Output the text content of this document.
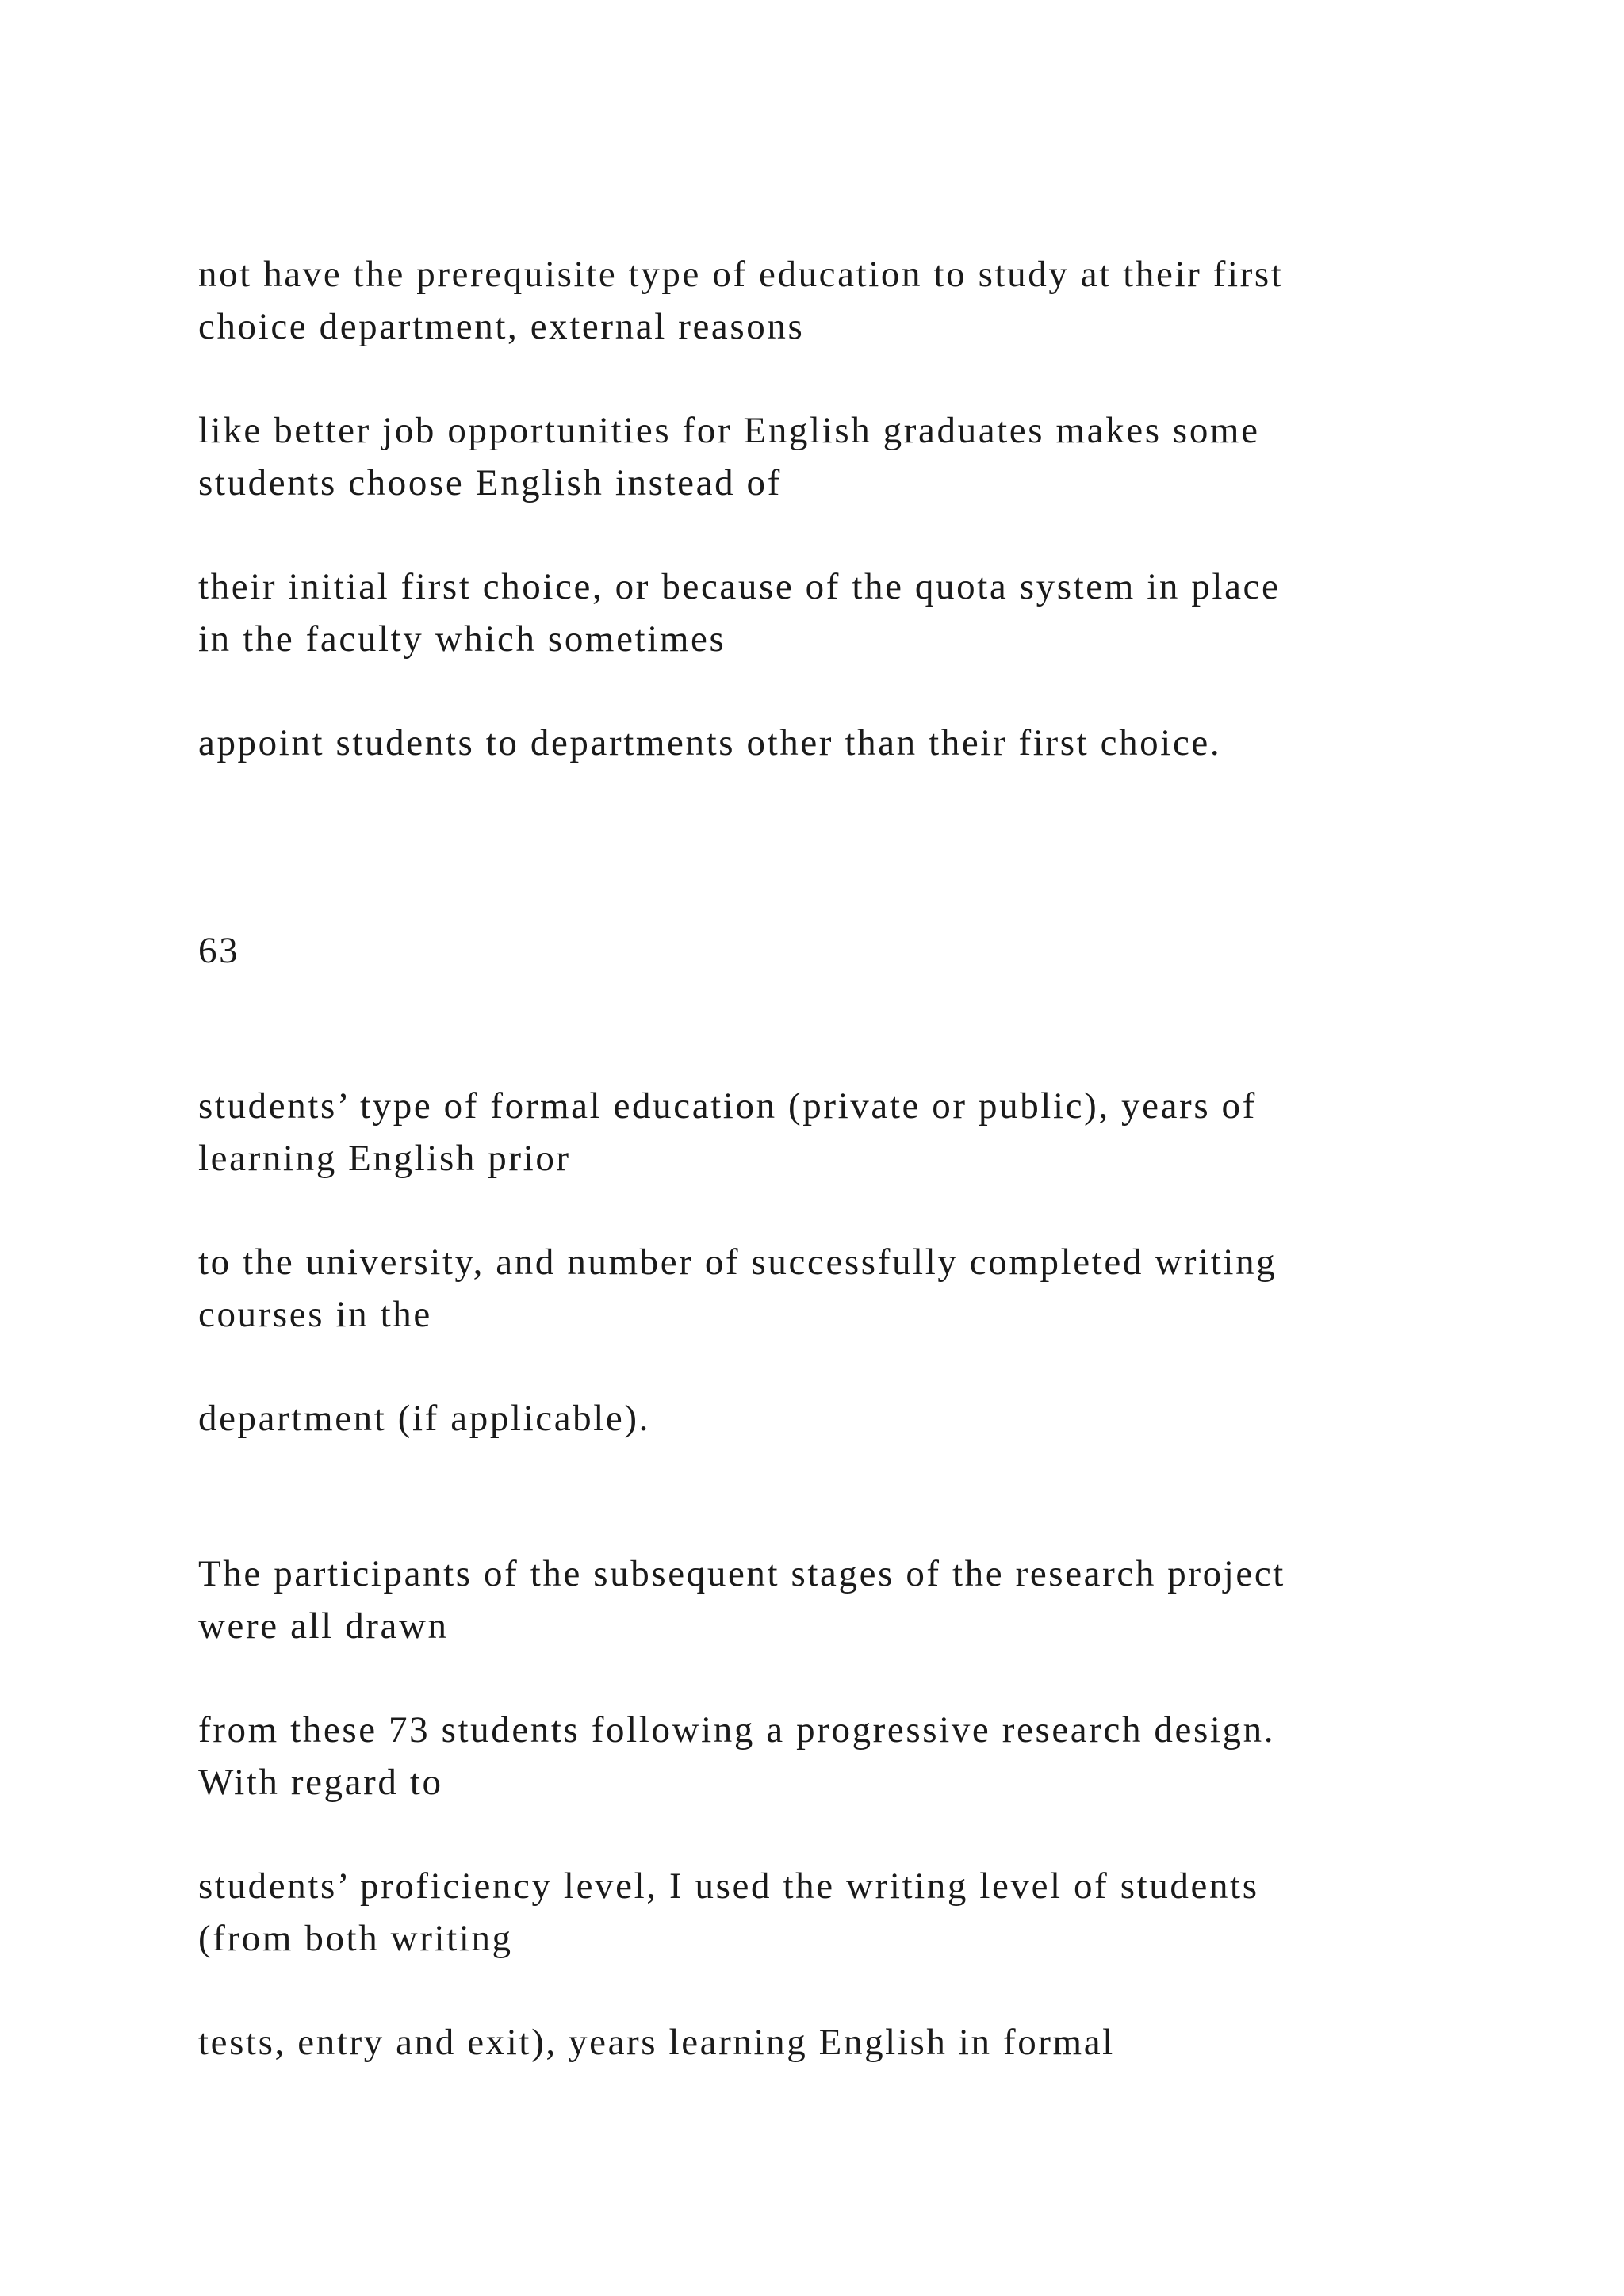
not have the prerequisite type of education to study at their first
choice department, external reasons

like better job opportunities for English graduates makes some
students choose English instead of

their initial first choice, or because of the quota system in place
in the faculty which sometimes

appoint students to departments other than their first choice.

63

students’ type of formal education (private or public), years of
learning English prior

to the university, and number of successfully completed writing
courses in the

department (if applicable).

The participants of the subsequent stages of the research project
were all drawn

from these 73 students following a progressive research design.
With regard to

students’ proficiency level, I used the writing level of students
(from both writing

tests, entry and exit), years learning English in formal
